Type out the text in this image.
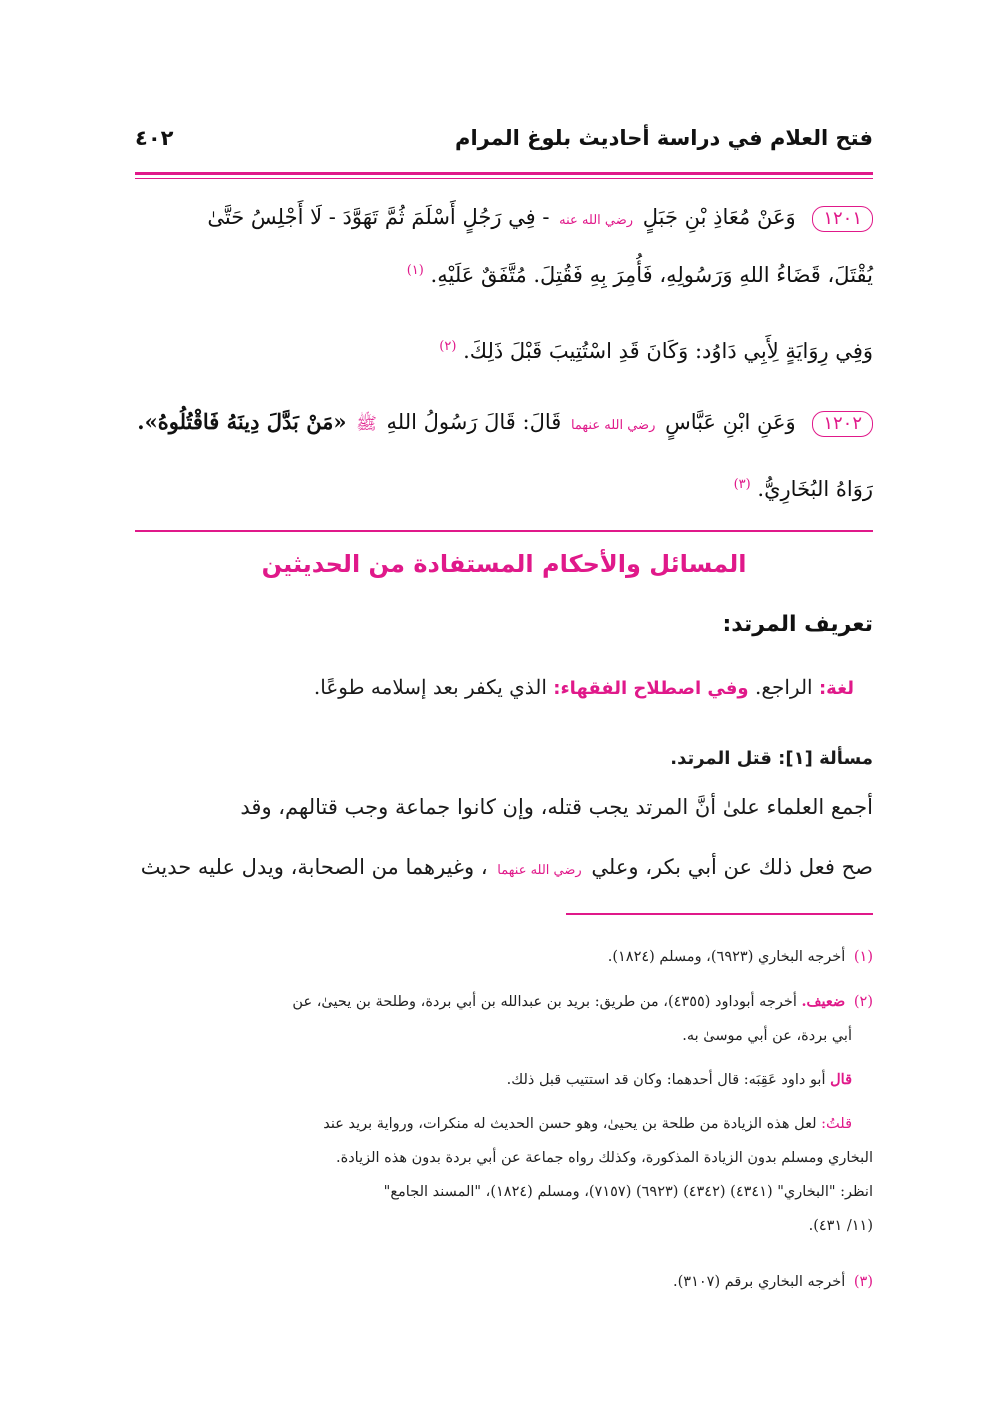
فتح العلام في دراسة أحاديث بلوغ المرام
٤٠٢
١٢٠١ وَعَنْ مُعَاذِ بْنِ جَبَلٍ رضي الله عنه - فِي رَجُلٍ أَسْلَمَ ثُمَّ تَهَوَّدَ - لَا أَجْلِسُ حَتَّىٰ
يُقْتَلَ، قَضَاءُ اللهِ وَرَسُولِهِ، فَأُمِرَ بِهِ فَقُتِلَ. مُتَّفَقٌ عَلَيْهِ. $^{(١)}$
وَفِي رِوَايَةٍ لِأَبِي دَاوُد: وَكَانَ قَدِ اسْتُتِيبَ قَبْلَ ذَلِكَ. $^{(٢)}$
١٢٠٢ وَعَنِ ابْنِ عَبَّاسٍ رضي الله عنهما قَالَ: قَالَ رَسُولُ اللهِ ﷺ «مَنْ بَدَّلَ دِينَهُ فَاقْتُلُوهُ».
رَوَاهُ البُخَارِيُّ. $^{(٣)}$
المسائل والأحكام المستفادة من الحديثين
تعريف المرتد:
لغة: الراجع. وفي اصطلاح الفقهاء: الذي يكفر بعد إسلامه طوعًا.
مسألة [١]: قتل المرتد.
أجمع العلماء علىٰ أنَّ المرتد يجب قتله، وإن كانوا جماعة وجب قتالهم، وقد
صح فعل ذلك عن أبي بكر، وعلي رضي الله عنهما ، وغيرهما من الصحابة، ويدل عليه حديث
(١) أخرجه البخاري (٦٩٢٣)، ومسلم (١٨٢٤).
(٢) ضعيف. أخرجه أبوداود (٤٣٥٥)، من طريق: بريد بن عبدالله بن أبي بردة، وطلحة بن يحيىٰ، عن
أبي بردة، عن أبي موسىٰ به.
قال أبو داود عَقِبَه: قال أحدهما: وكان قد استتيب قبل ذلك.
قلتُ: لعل هذه الزيادة من طلحة بن يحيىٰ، وهو حسن الحديث له منكرات، ورواية بريد عند
البخاري ومسلم بدون الزيادة المذكورة، وكذلك رواه جماعة عن أبي بردة بدون هذه الزيادة.
انظر: "البخاري" (٤٣٤١) (٤٣٤٢) (٦٩٢٣) (٧١٥٧)، ومسلم (١٨٢٤)، "المسند الجامع"
(١١/ ٤٣١).
(٣) أخرجه البخاري برقم (٣١٠٧).
